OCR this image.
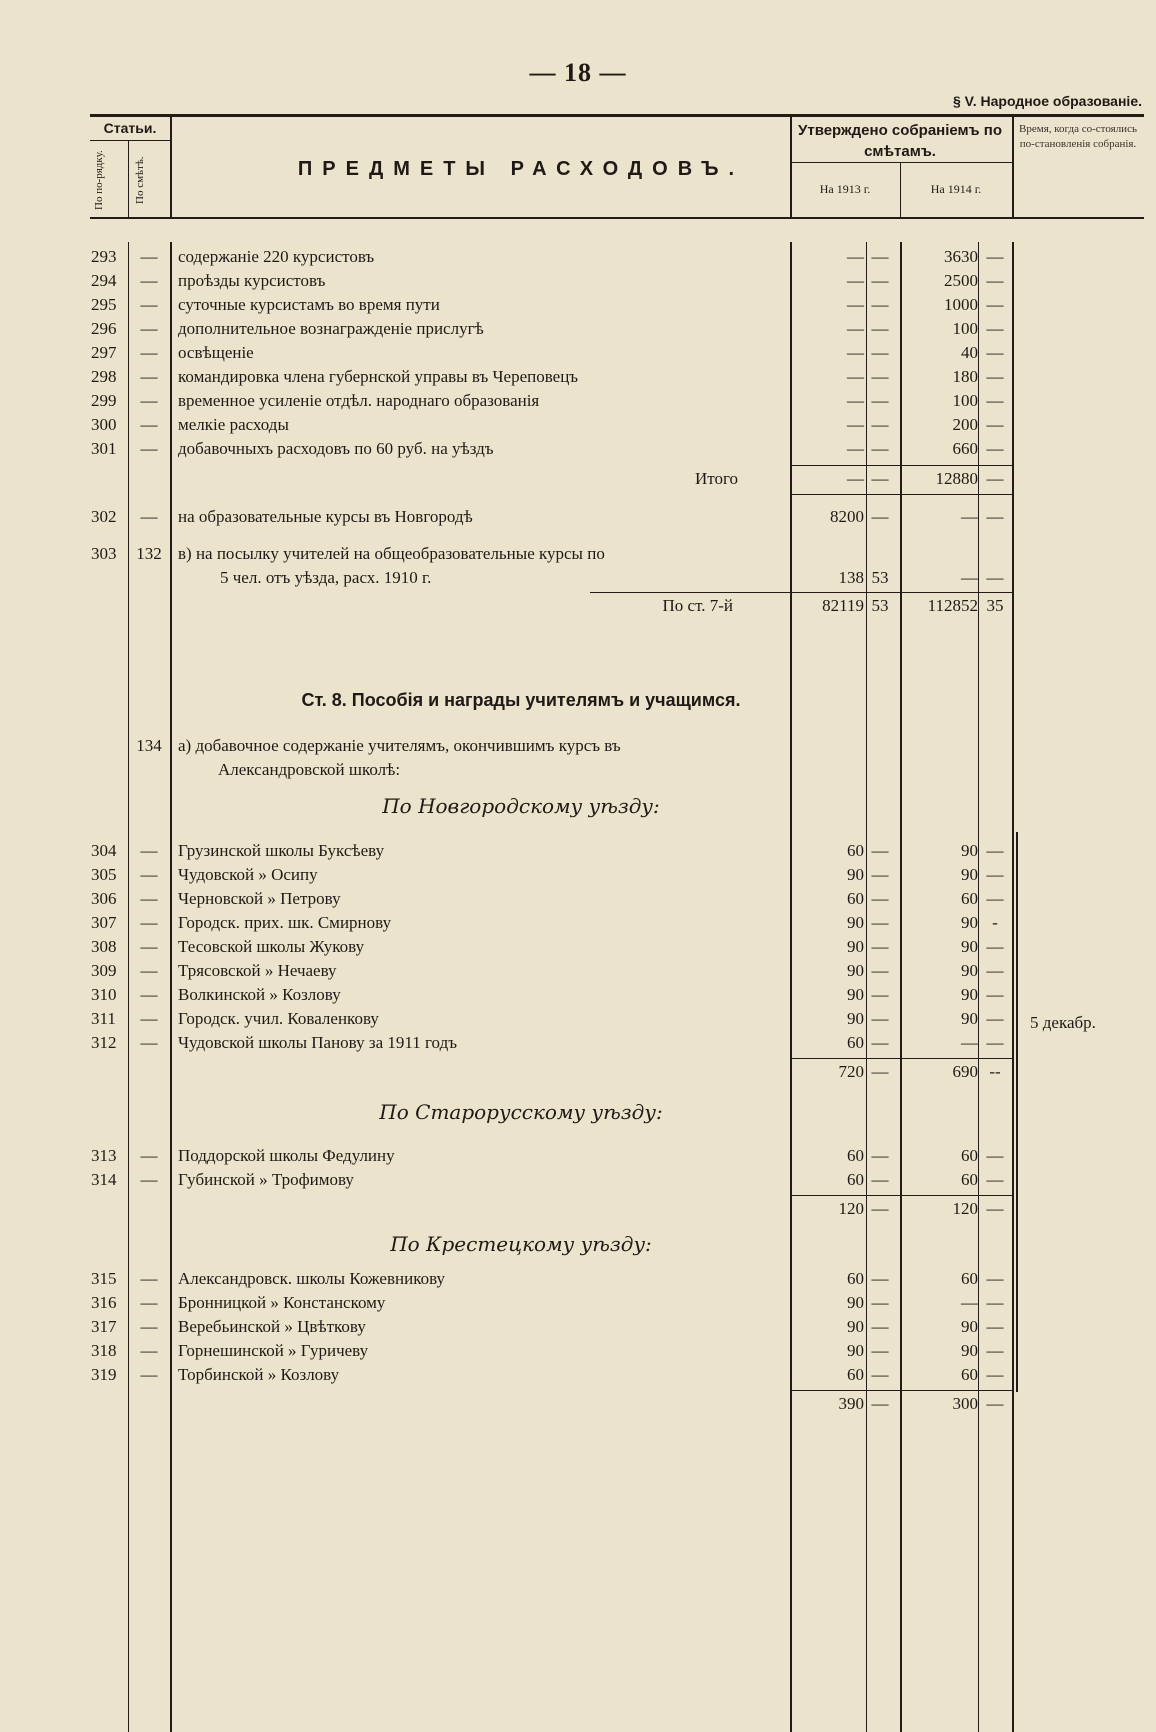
— 18 —
§ V. Народное образованіе.
Статьи.
По по-рядку.	По смѣтѣ.	ПРЕДМЕТЫ РАСХОДОВЪ.
Утверждено собраніемъ по смѣтамъ.
На 1913 г.	На 1914 г.
Время, когда со-стоялись по-становленія собранія.
293	—	содержаніе 220 курсистовъ	— —	3630 —
294	—	проѣзды курсистовъ	— —	2500 —
295	—	суточные курсистамъ во время пути	— —	1000 —
296	—	дополнительное вознагражденіе прислугѣ	— —	100 —
297	—	освѣщеніе	— —	40 —
298	—	командировка члена губернской управы въ Череповецъ	— —	180 —
299	—	временное усиленіе отдѣл. народнаго образованія	— —	100 —
300	—	мелкіе расходы	— —	200 —
301	—	добавочныхъ расходовъ по 60 руб. на уѣздъ	— —	660 —
Итого	— —	12880 —
302	—	на образовательные курсы въ Новгородѣ	8200 —	— —
303	132 в) на посылку учителей на общеобразовательные курсы по
5 чел. отъ уѣзда, расх. 1910 г.	138 53	— —
По ст. 7-й	82119 53	112852 35
Ст. 8. Пособія и награды учителямъ и учащимся.
134 а) добавочное содержаніе учителямъ, окончившимъ курсъ въ
Александровской школѣ:
По Новгородскому уѣзду:
304	—	Грузинской школы Буксѣеву	60 —	90 —
305	—	Чудовской » Осипу	90 —	90 —
306	—	Черновской » Петрову	60 —	60 —
307	—	Городск. прих. шк. Смирнову	90 —	90 -
308	—	Тесовской школы Жукову	90 —	90 —
309	—	Трясовской » Нечаеву	90 —	90 —
310	—	Волкинской » Козлову	90 —	90 —
311	—	Городск. учил. Коваленкову	90 —	90 —
312	—	Чудовской школы Панову за 1911 годъ	60 —	— —
720 —	690 --
По Старорусскому уѣзду:
313	—	Поддорской школы Федулину	60 —	60 —
314	—	Губинской » Трофимову	60 —	60 —
120 —	120 —
По Крестецкому уѣзду:
315	—	Александровск. школы Кожевникову	60 —	60 —
316	—	Бронницкой » Констанскому	90 —	— —
317	—	Веребьинской » Цвѣткову	90 —	90 —
318	—	Горнешинской » Гуричеву	90 —	90 —
319	—	Торбинской » Козлову	60 —	60 —
390 —	300 —
5 декабр.
